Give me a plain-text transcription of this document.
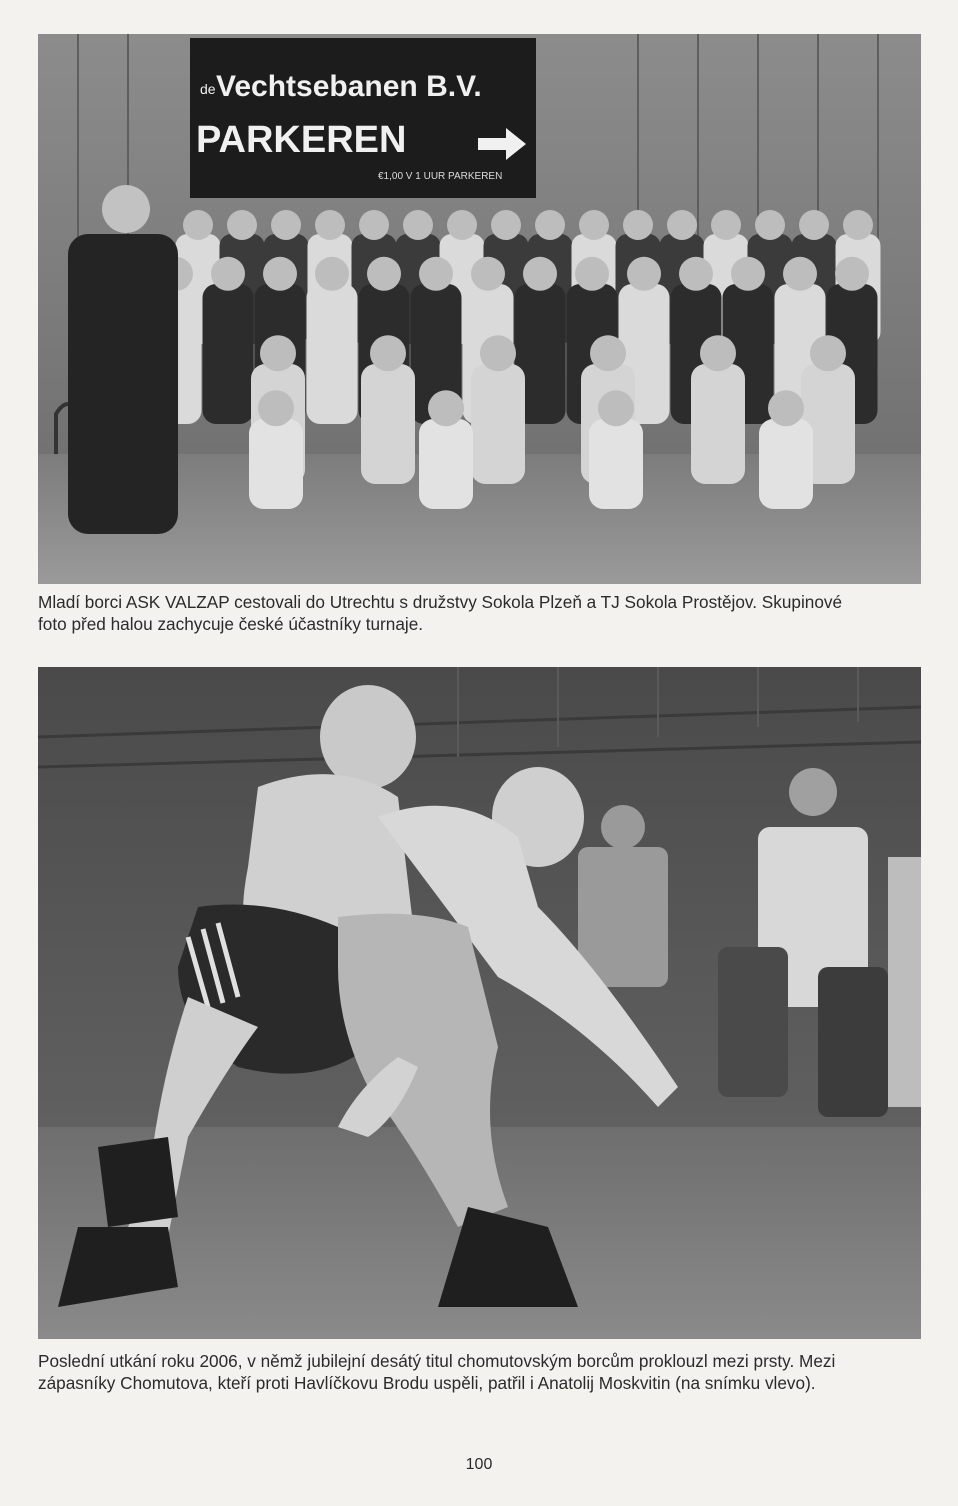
de Vechtsebanen B.V.
PARKEREN
€1,00 V 1 UUR PARKEREN
Mladí borci ASK VALZAP cestovali do Utrechtu s družstvy Sokola Plzeň a TJ Sokola Prostějov. Skupinové
foto před halou zachycuje české účastníky turnaje.
Poslední utkání roku 2006, v němž jubilejní desátý titul chomutovským borcům proklouzl mezi prsty. Mezi
zápasníky Chomutova, kteří proti Havlíčkovu Brodu uspěli, patřil i Anatolij Moskvitin (na snímku vlevo).
100
